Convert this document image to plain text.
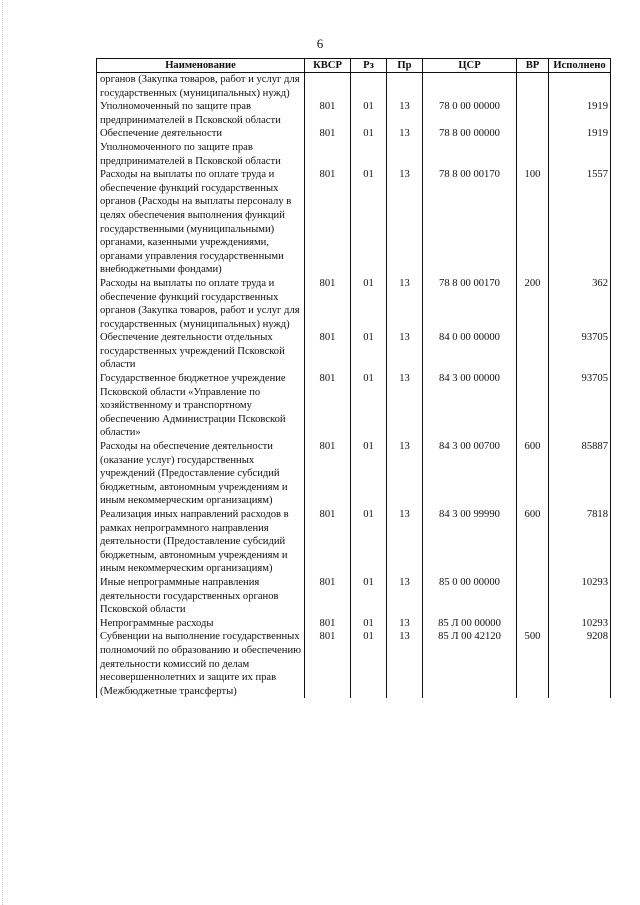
6
Наименование	КВСР	Рз	Пр	ЦСР	ВР	Исполнено
органов (Закупка товаров, работ и услуг для государственных (муниципальных) нужд)						
Уполномоченный по защите прав предпринимателей в Псковской области	801	01	13	78 0 00 00000		1919
Обеспечение деятельности Уполномоченного по защите прав предпринимателей в Псковской области	801	01	13	78 8 00 00000		1919
Расходы на выплаты по оплате труда и обеспечение функций государственных органов (Расходы на выплаты персоналу в целях обеспечения выполнения функций государственными (муниципальными) органами, казенными учреждениями, органами управления государственными внебюджетными фондами)	801	01	13	78 8 00 00170	100	1557
Расходы на выплаты по оплате труда и обеспечение функций государственных органов (Закупка товаров, работ и услуг для государственных (муниципальных) нужд)	801	01	13	78 8 00 00170	200	362
Обеспечение деятельности отдельных государственных учреждений Псковской области	801	01	13	84 0 00 00000		93705
Государственное бюджетное учреждение Псковской области «Управление по хозяйственному и транспортному обеспечению Администрации Псковской области»	801	01	13	84 3 00 00000		93705
Расходы на обеспечение деятельности (оказание услуг) государственных учреждений (Предоставление субсидий бюджетным, автономным учреждениям и иным некоммерческим организациям)	801	01	13	84 3 00 00700	600	85887
Реализация иных направлений расходов в рамках непрограммного направления деятельности (Предоставление субсидий бюджетным, автономным учреждениям и иным некоммерческим организациям)	801	01	13	84 3 00 99990	600	7818
Иные непрограммные направления деятельности государственных органов Псковской области	801	01	13	85 0 00 00000		10293
Непрограммные расходы	801	01	13	85 Л 00 00000		10293
Субвенции на выполнение государственных полномочий по образованию и обеспечению деятельности комиссий по делам несовершеннолетних и защите их прав (Межбюджетные трансферты)	801	01	13	85 Л 00 42120	500	9208
